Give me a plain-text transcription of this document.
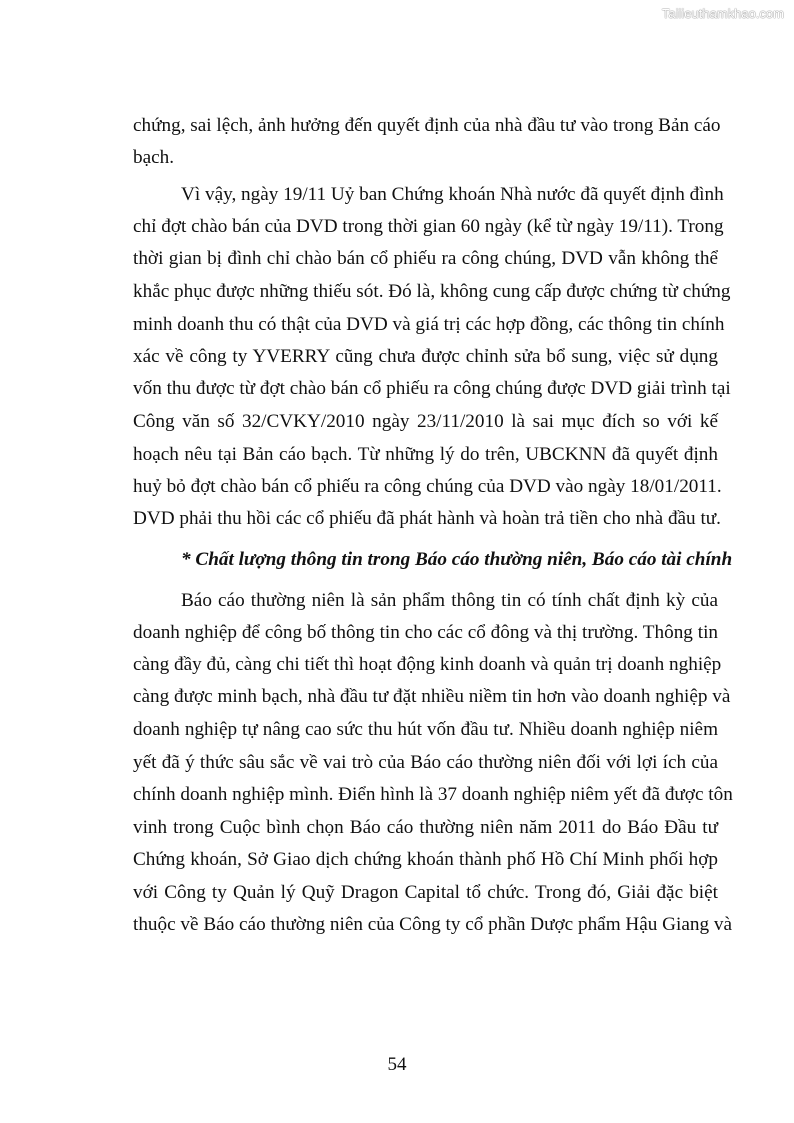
Tailieuthamkhao.com
chứng, sai lệch, ảnh hưởng đến quyết định của nhà đầu tư vào trong Bản cáo
bạch.
Vì vậy, ngày 19/11 Uỷ ban Chứng khoán Nhà nước đã quyết định đình
chỉ đợt chào bán của DVD trong thời gian 60 ngày (kể từ ngày 19/11). Trong
thời gian bị đình chỉ chào bán cổ phiếu ra công chúng, DVD vẫn không thể
khắc phục được những thiếu sót. Đó là, không cung cấp được chứng từ chứng
minh doanh thu có thật của DVD và giá trị các hợp đồng, các thông tin chính
xác về công ty YVERRY cũng chưa được chỉnh sửa bổ sung, việc sử dụng
vốn thu được từ đợt chào bán cổ phiếu ra công chúng được DVD giải trình tại
Công văn số 32/CVKY/2010 ngày 23/11/2010 là sai mục đích so với kế
hoạch nêu tại Bản cáo bạch. Từ những lý do trên, UBCKNN đã quyết định
huỷ bỏ đợt chào bán cổ phiếu ra công chúng của DVD vào ngày 18/01/2011.
DVD phải thu hồi các cổ phiếu đã phát hành và hoàn trả tiền cho nhà đầu tư.
Báo cáo thường niên là sản phẩm thông tin có tính chất định kỳ của
doanh nghiệp để công bố thông tin cho các cổ đông và thị trường. Thông tin
càng đầy đủ, càng chi tiết thì hoạt động kinh doanh và quản trị doanh nghiệp
càng được minh bạch, nhà đầu tư đặt nhiều niềm tin hơn vào doanh nghiệp và
doanh nghiệp tự nâng cao sức thu hút vốn đầu tư. Nhiều doanh nghiệp niêm
yết đã ý thức sâu sắc về vai trò của Báo cáo thường niên đối với lợi ích của
chính doanh nghiệp mình. Điển hình là 37 doanh nghiệp niêm yết đã được tôn
vinh trong Cuộc bình chọn Báo cáo thường niên năm 2011 do Báo Đầu tư
Chứng khoán, Sở Giao dịch chứng khoán thành phố Hồ Chí Minh phối hợp
với Công ty Quản lý Quỹ Dragon Capital tổ chức. Trong đó, Giải đặc biệt
thuộc về Báo cáo thường niên của Công ty cổ phần Dược phẩm Hậu Giang và
* Chất lượng thông tin trong Báo cáo thường niên, Báo cáo tài chính
54
